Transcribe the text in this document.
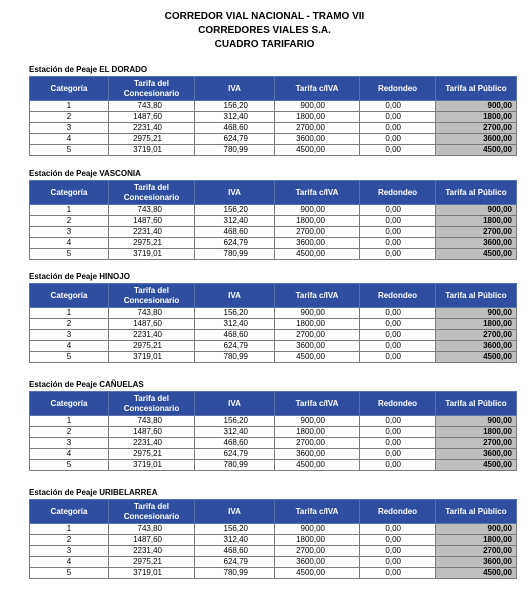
CORREDOR VIAL NACIONAL - TRAMO VII
CORREDORES VIALES S.A.
CUADRO TARIFARIO
Estación de Peaje EL DORADO
Categoría	Tarifa del Concesionario	IVA	Tarifa c/IVA	Redondeo	Tarifa al Público
1	743,80	156,20	900,00	0,00	900,00
2	1487,60	312,40	1800,00	0,00	1800,00
3	2231,40	468,60	2700,00	0,00	2700,00
4	2975,21	624,79	3600,00	0,00	3600,00
5	3719,01	780,99	4500,00	0,00	4500,00
Estación de Peaje VASCONIA
Categoría	Tarifa del Concesionario	IVA	Tarifa c/IVA	Redondeo	Tarifa al Público
1	743,80	156,20	900,00	0,00	900,00
2	1487,60	312,40	1800,00	0,00	1800,00
3	2231,40	468,60	2700,00	0,00	2700,00
4	2975,21	624,79	3600,00	0,00	3600,00
5	3719,01	780,99	4500,00	0,00	4500,00
Estación de Peaje HINOJO
Categoría	Tarifa del Concesionario	IVA	Tarifa c/IVA	Redondeo	Tarifa al Público
1	743,80	156,20	900,00	0,00	900,00
2	1487,60	312,40	1800,00	0,00	1800,00
3	2231,40	468,60	2700,00	0,00	2700,00
4	2975,21	624,79	3600,00	0,00	3600,00
5	3719,01	780,99	4500,00	0,00	4500,00
Estación de Peaje CAÑUELAS
Categoría	Tarifa del Concesionario	IVA	Tarifa c/IVA	Redondeo	Tarifa al Público
1	743,80	156,20	900,00	0,00	900,00
2	1487,60	312,40	1800,00	0,00	1800,00
3	2231,40	468,60	2700,00	0,00	2700,00
4	2975,21	624,79	3600,00	0,00	3600,00
5	3719,01	780,99	4500,00	0,00	4500,00
Estación de Peaje URIBELARREA
Categoría	Tarifa del Concesionario	IVA	Tarifa c/IVA	Redondeo	Tarifa al Público
1	743,80	156,20	900,00	0,00	900,00
2	1487,60	312,40	1800,00	0,00	1800,00
3	2231,40	468,60	2700,00	0,00	2700,00
4	2975,21	624,79	3600,00	0,00	3600,00
5	3719,01	780,99	4500,00	0,00	4500,00
